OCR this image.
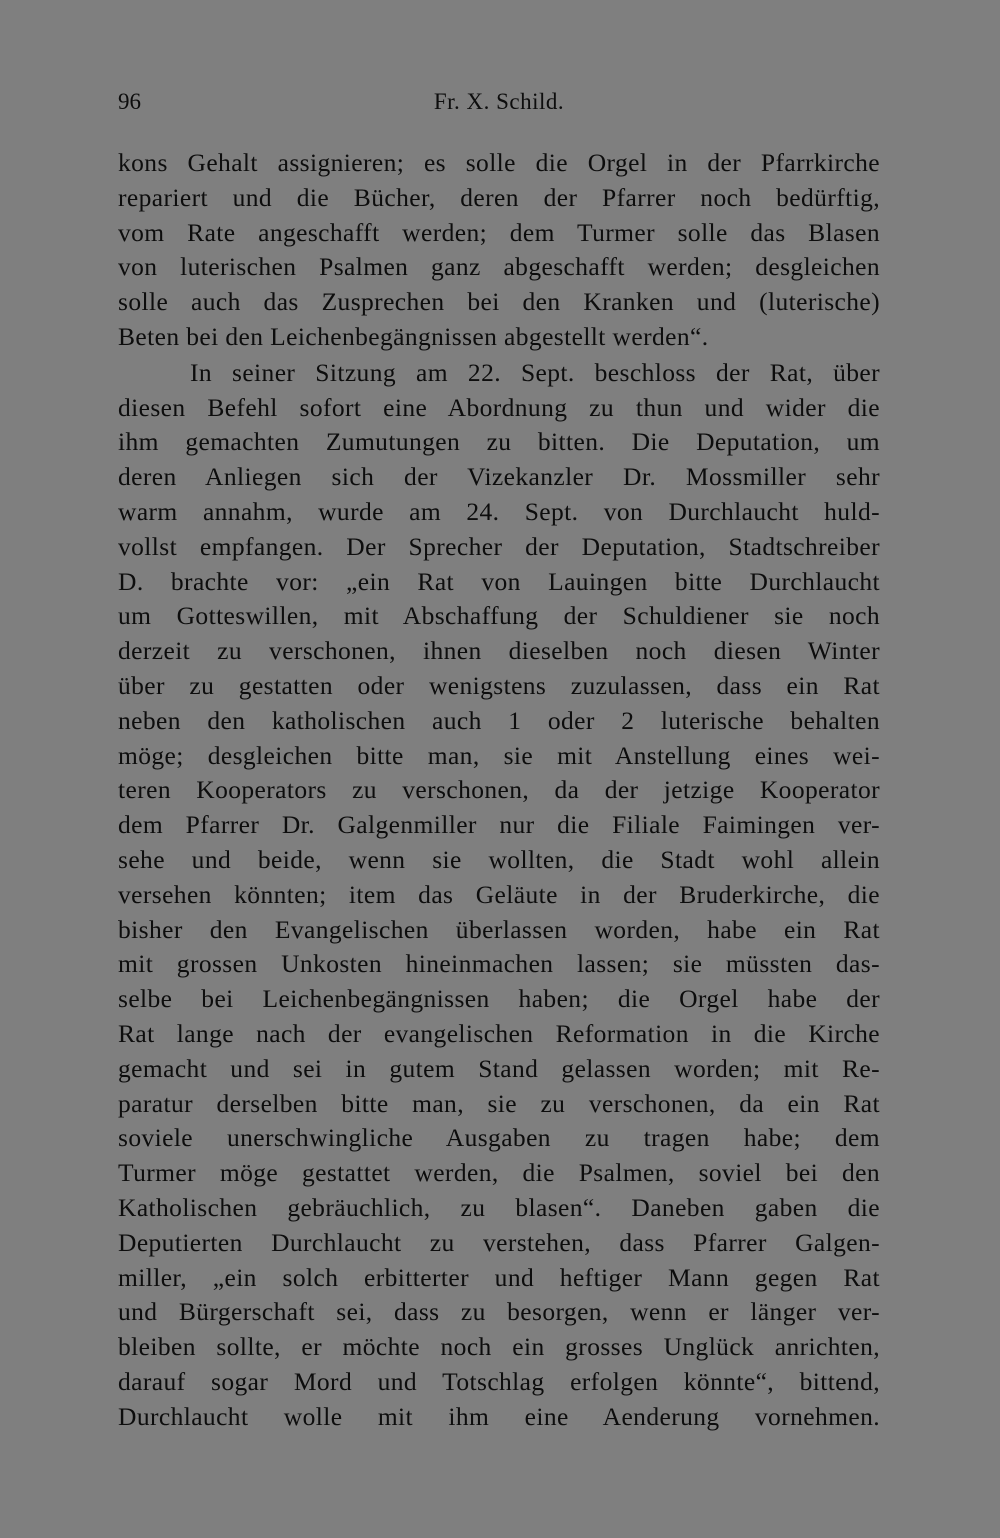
96	Fr. X. Schild.
kons Gehalt assignieren; es solle die Orgel in der Pfarrkirche
repariert und die Bücher, deren der Pfarrer noch bedürftig,
vom Rate angeschafft werden; dem Turmer solle das Blasen
von luterischen Psalmen ganz abgeschafft werden; desgleichen
solle auch das Zusprechen bei den Kranken und (luterische)
Beten bei den Leichenbegängnissen abgestellt werden“.
In seiner Sitzung am 22. Sept. beschloss der Rat, über
diesen Befehl sofort eine Abordnung zu thun und wider die
ihm gemachten Zumutungen zu bitten. Die Deputation, um
deren Anliegen sich der Vizekanzler Dr. Mossmiller sehr
warm annahm, wurde am 24. Sept. von Durchlaucht huld-
vollst empfangen. Der Sprecher der Deputation, Stadtschreiber
D. brachte vor: „ein Rat von Lauingen bitte Durchlaucht
um Gotteswillen, mit Abschaffung der Schuldiener sie noch
derzeit zu verschonen, ihnen dieselben noch diesen Winter
über zu gestatten oder wenigstens zuzulassen, dass ein Rat
neben den katholischen auch 1 oder 2 luterische behalten
möge; desgleichen bitte man, sie mit Anstellung eines wei-
teren Kooperators zu verschonen, da der jetzige Kooperator
dem Pfarrer Dr. Galgenmiller nur die Filiale Faimingen ver-
sehe und beide, wenn sie wollten, die Stadt wohl allein
versehen könnten; item das Geläute in der Bruderkirche, die
bisher den Evangelischen überlassen worden, habe ein Rat
mit grossen Unkosten hineinmachen lassen; sie müssten das-
selbe bei Leichenbegängnissen haben; die Orgel habe der
Rat lange nach der evangelischen Reformation in die Kirche
gemacht und sei in gutem Stand gelassen worden; mit Re-
paratur derselben bitte man, sie zu verschonen, da ein Rat
soviele unerschwingliche Ausgaben zu tragen habe; dem
Turmer möge gestattet werden, die Psalmen, soviel bei den
Katholischen gebräuchlich, zu blasen“. Daneben gaben die
Deputierten Durchlaucht zu verstehen, dass Pfarrer Galgen-
miller, „ein solch erbitterter und heftiger Mann gegen Rat
und Bürgerschaft sei, dass zu besorgen, wenn er länger ver-
bleiben sollte, er möchte noch ein grosses Unglück anrichten,
darauf sogar Mord und Totschlag erfolgen könnte“, bittend,
Durchlaucht wolle mit ihm eine Aenderung vornehmen.
